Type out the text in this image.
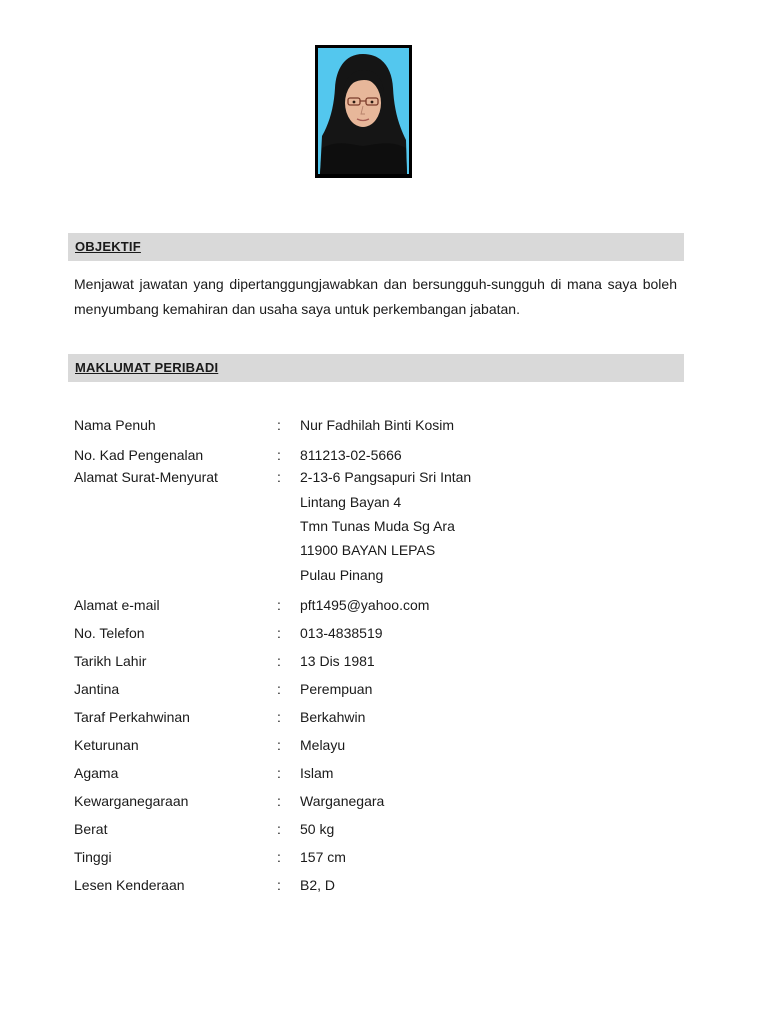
OBJEKTIF
Menjawat jawatan yang dipertanggungjawabkan dan bersungguh-sungguh di mana saya boleh menyumbang kemahiran dan usaha saya untuk perkembangan jabatan.
MAKLUMAT PERIBADI
Nama Penuh	: Nur Fadhilah Binti Kosim
No. Kad Pengenalan	: 811213-02-5666
Alamat Surat-Menyurat	: 2-13-6 Pangsapuri Sri Intan
Lintang Bayan 4
Tmn Tunas Muda Sg Ara
11900 BAYAN LEPAS
Pulau Pinang
Alamat e-mail	: pft1495@yahoo.com
No. Telefon	: 013-4838519
Tarikh Lahir	: 13 Dis 1981
Jantina	: Perempuan
Taraf Perkahwinan	: Berkahwin
Keturunan	: Melayu
Agama	: Islam
Kewarganegaraan	: Warganegara
Berat	: 50 kg
Tinggi	: 157 cm
Lesen Kenderaan	: B2, D
